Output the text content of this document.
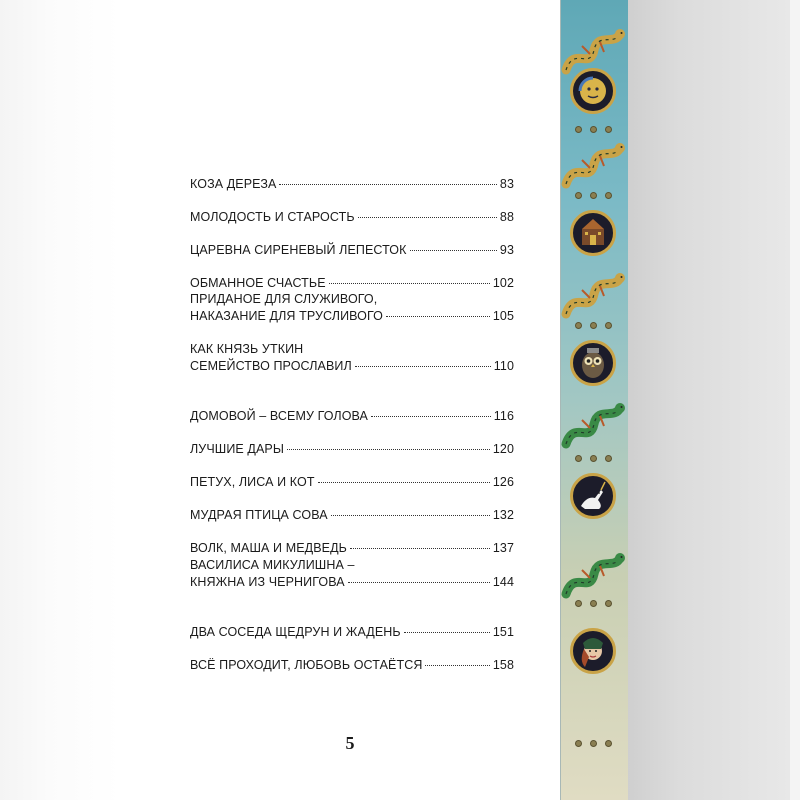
КОЗА ДЕРЕЗА	83
МОЛОДОСТЬ И СТАРОСТЬ	88
ЦАРЕВНА СИРЕНЕВЫЙ ЛЕПЕСТОК	93
ОБМАННОЕ СЧАСТЬЕ	102
ПРИДАНОЕ ДЛЯ СЛУЖИВОГО,
НАКАЗАНИЕ ДЛЯ ТРУСЛИВОГО	105
КАК КНЯЗЬ УТКИН
СЕМЕЙСТВО ПРОСЛАВИЛ	110
ДОМОВОЙ – ВСЕМУ ГОЛОВА	116
ЛУЧШИЕ ДАРЫ	120
ПЕТУХ, ЛИСА И КОТ	126
МУДРАЯ ПТИЦА СОВА	132
ВОЛК, МАША И МЕДВЕДЬ	137
ВАСИЛИСА МИКУЛИШНА –
КНЯЖНА ИЗ ЧЕРНИГОВА	144
ДВА СОСЕДА ЩЕДРУН И ЖАДЕНЬ	151
ВСЁ ПРОХОДИТ, ЛЮБОВЬ ОСТАЁТСЯ	158
5
